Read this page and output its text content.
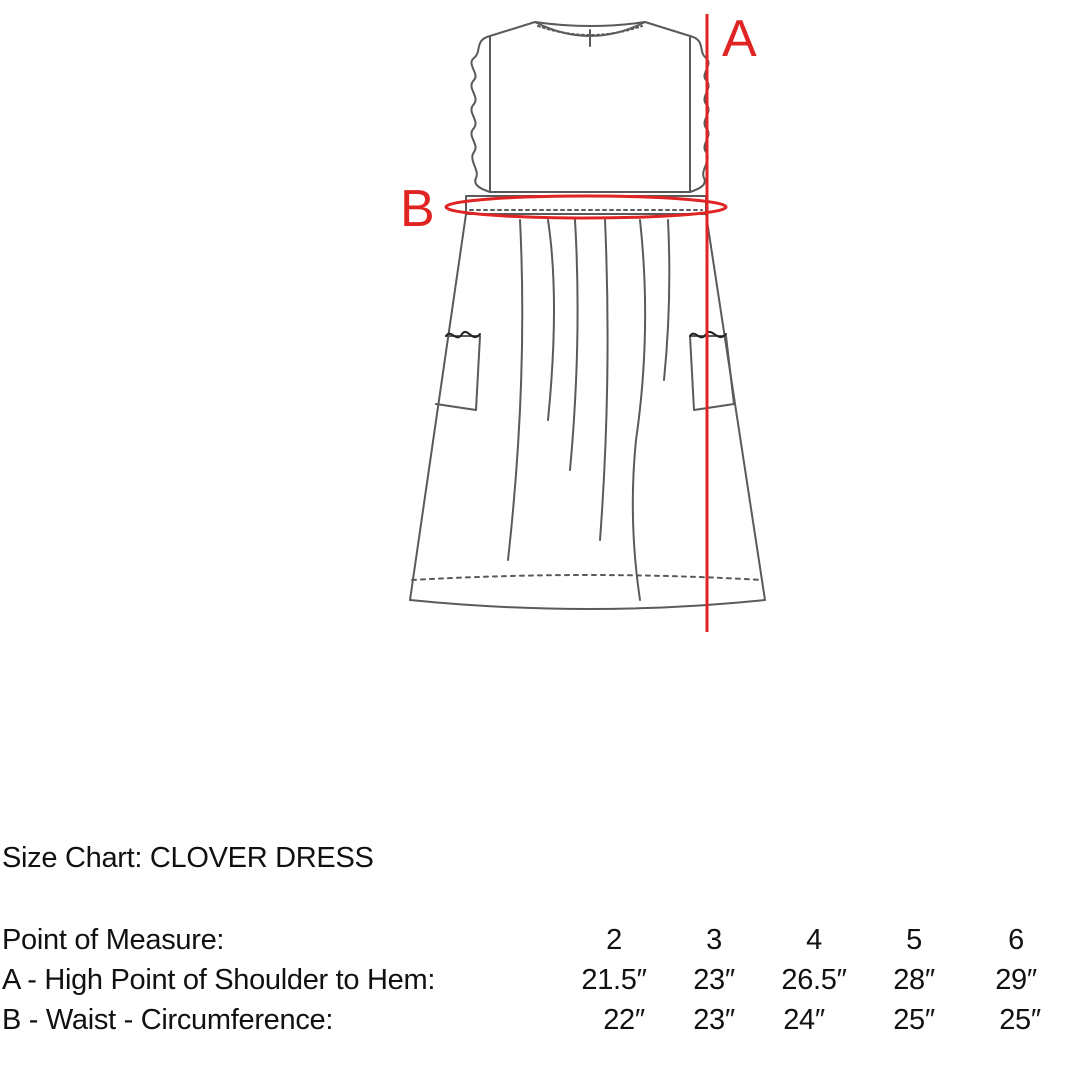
A
B
Size Chart: CLOVER DRESS
Point of Measure:	2	3	4	5	6
A - High Point of Shoulder to Hem:	21.5″	23″	26.5″	28″	29″
B - Waist - Circumference:	22″	23″	24″	25″	25″
